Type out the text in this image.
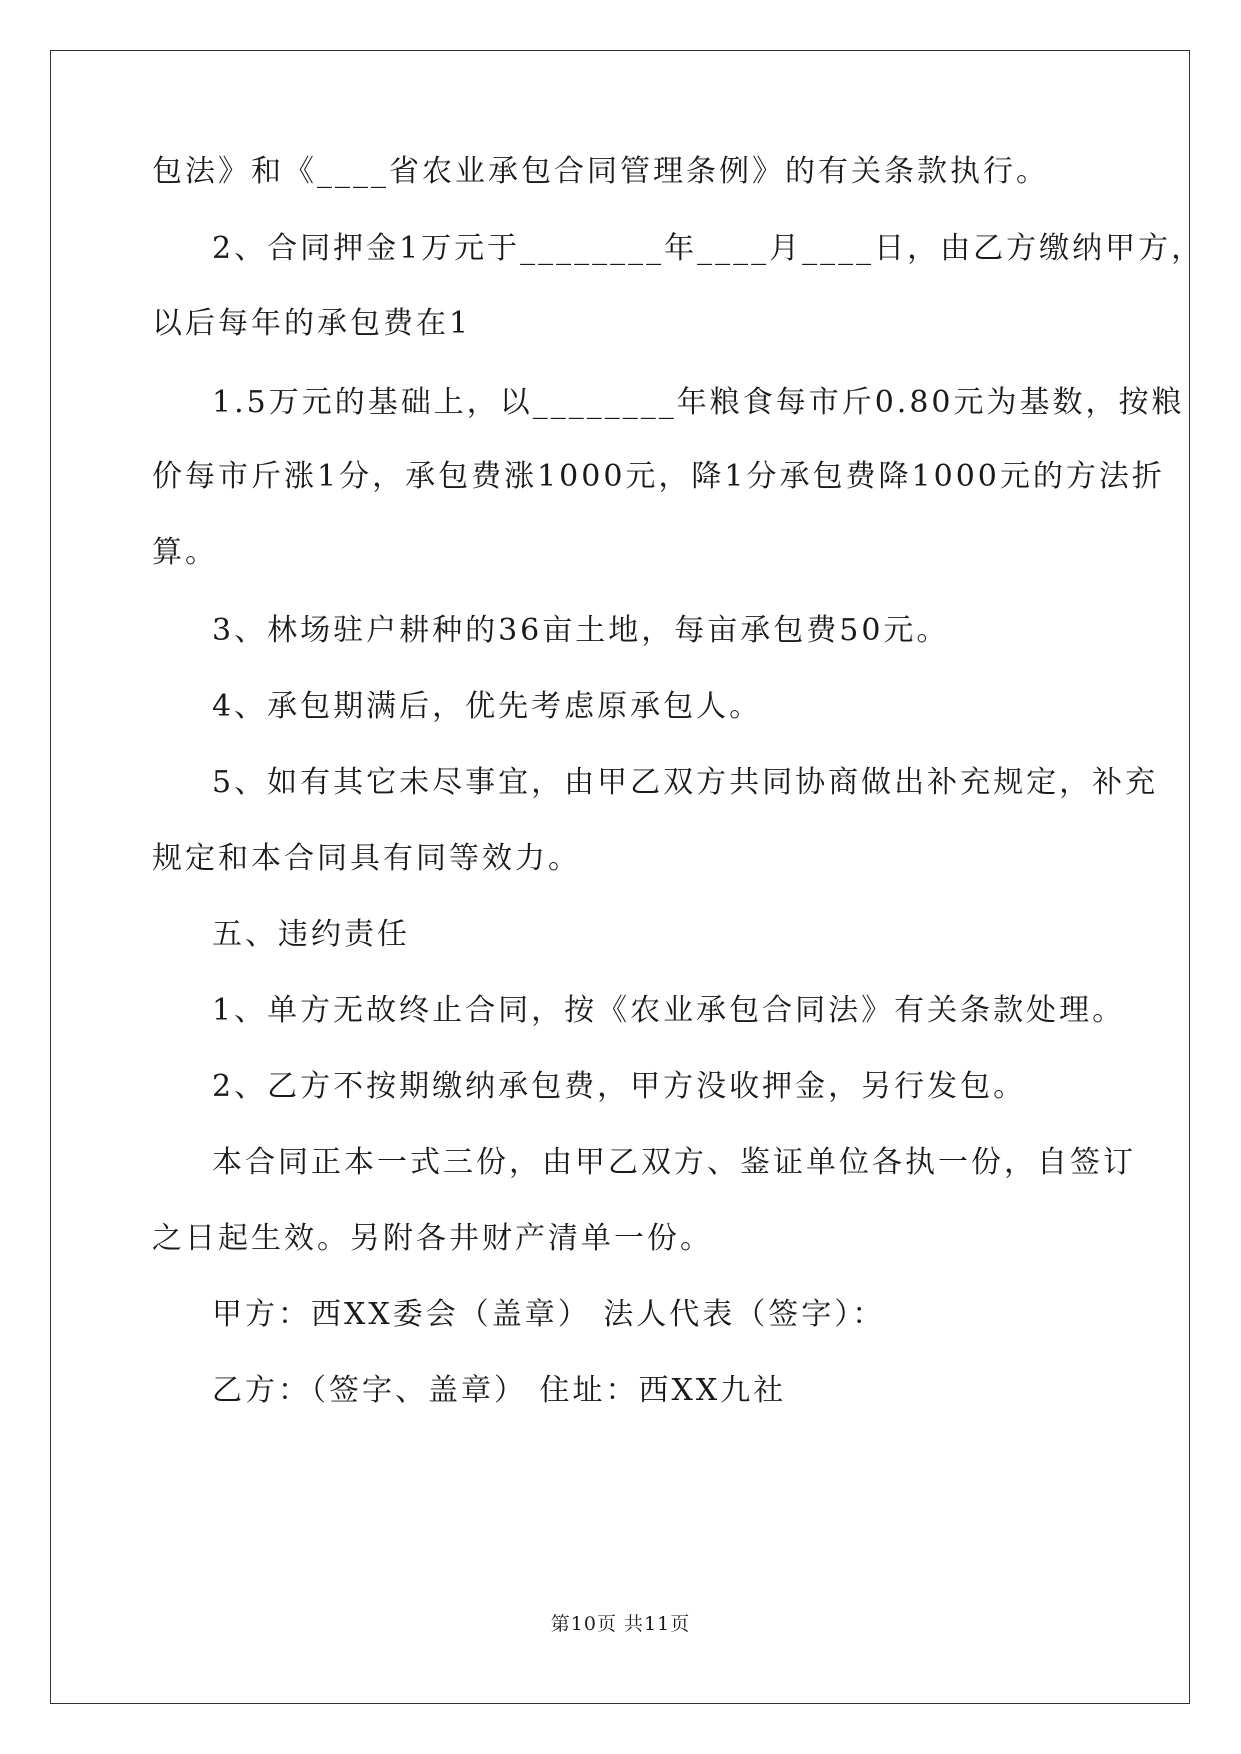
包法》和《____省农业承包合同管理条例》的有关条款执行。
2、合同押金1万元于________年____月____日，由乙方缴纳甲方，
以后每年的承包费在1
1.5万元的基础上，以________年粮食每市斤0.80元为基数，按粮
价每市斤涨1分，承包费涨1000元，降1分承包费降1000元的方法折
算。
3、林场驻户耕种的36亩土地，每亩承包费50元。
4、承包期满后，优先考虑原承包人。
5、如有其它未尽事宜，由甲乙双方共同协商做出补充规定，补充
规定和本合同具有同等效力。
五、违约责任
1、单方无故终止合同，按《农业承包合同法》有关条款处理。
2、乙方不按期缴纳承包费，甲方没收押金，另行发包。
本合同正本一式三份，由甲乙双方、鉴证单位各执一份，自签订
之日起生效。另附各井财产清单一份。
甲方：西XX委会（盖章） 法人代表（签字）：
乙方：（签字、盖章） 住址：西XX九社
第10页 共11页
